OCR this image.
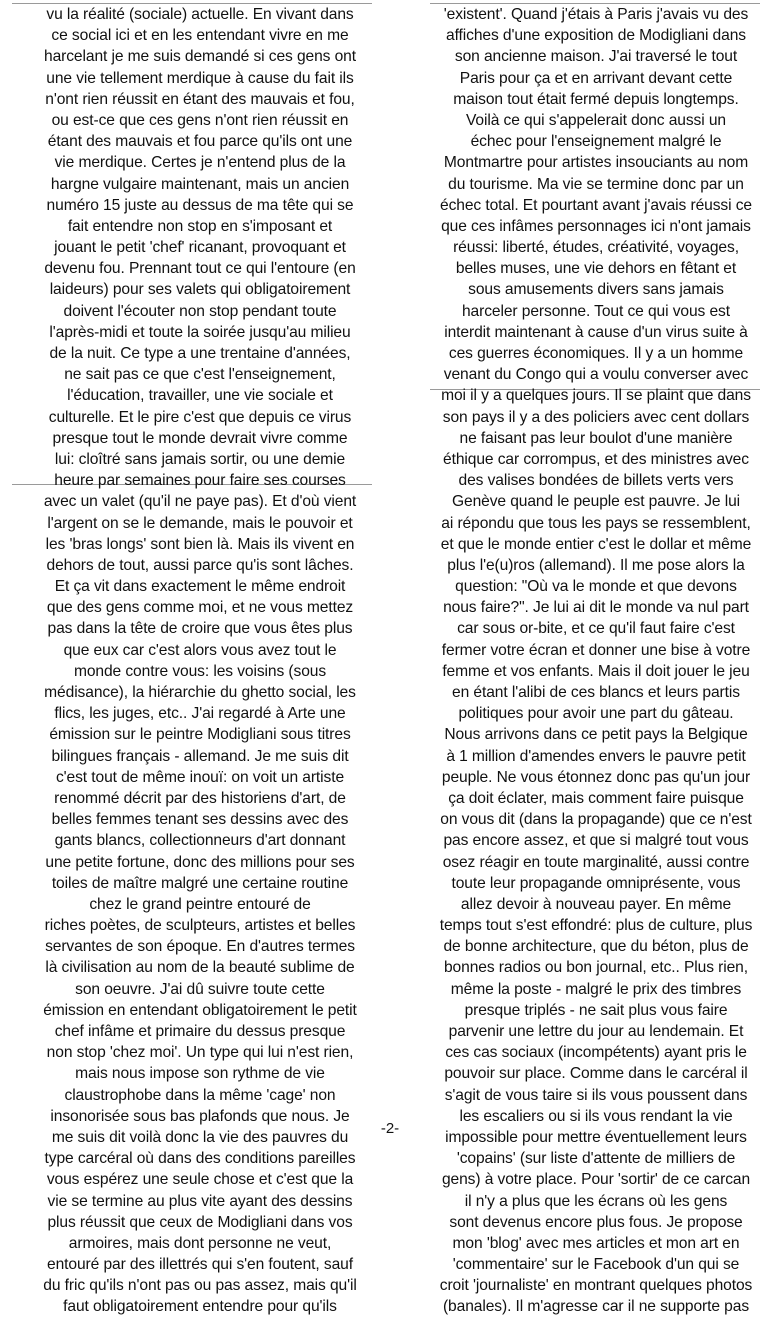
vu la réalité (sociale) actuelle. En vivant dans
ce social ici et en les entendant vivre en me
harcelant je me suis demandé si ces gens ont
une vie tellement merdique à cause du fait ils
n'ont rien réussit en étant des mauvais et fou,
ou est-ce que ces gens n'ont rien réussit en
étant des mauvais et fou parce qu'ils ont une
vie merdique. Certes je n'entend plus de la
hargne vulgaire maintenant, mais un ancien
numéro 15 juste au dessus de ma tête qui se
fait entendre non stop en s'imposant et
jouant le petit 'chef' ricanant, provoquant et
devenu fou. Prennant tout ce qui l'entoure (en
laideurs) pour ses valets qui obligatoirement
doivent l'écouter non stop pendant toute
l'après-midi et toute la soirée jusqu'au milieu
de la nuit. Ce type a une trentaine d'années,
ne sait pas ce que c'est l'enseignement,
l'éducation, travailler, une vie sociale et
culturelle. Et le pire c'est que depuis ce virus
presque tout le monde devrait vivre comme
lui: cloîtré sans jamais sortir, ou une demie
heure par semaines pour faire ses courses
avec un valet (qu'il ne paye pas). Et d'où vient
l'argent on se le demande, mais le pouvoir et
les 'bras longs' sont bien là. Mais ils vivent en
dehors de tout, aussi parce qu'is sont lâches.
Et ça vit dans exactement le même endroit
que des gens comme moi, et ne vous mettez
pas dans la tête de croire que vous êtes plus
que eux car c'est alors vous avez tout le
monde contre vous: les voisins (sous
médisance), la hiérarchie du ghetto social, les
flics, les juges, etc.. J'ai regardé à Arte une
émission sur le peintre Modigliani sous titres
bilingues français - allemand. Je me suis dit
c'est tout de même inouï: on voit un artiste
renommé décrit par des historiens d'art, de
belles femmes tenant ses dessins avec des
gants blancs, collectionneurs d'art donnant
une petite fortune, donc des millions pour ses
toiles de maître malgré une certaine routine
chez le grand peintre entouré de
riches poètes, de sculpteurs, artistes et belles
servantes de son époque. En d'autres termes
là civilisation au nom de la beauté sublime de
son oeuvre. J'ai dû suivre toute cette
émission en entendant obligatoirement le petit
chef infâme et primaire du dessus presque
non stop 'chez moi'. Un type qui lui n'est rien,
mais nous impose son rythme de vie
claustrophobe dans la même 'cage' non
insonorisée sous bas plafonds que nous. Je
me suis dit voilà donc la vie des pauvres du
type carcéral où dans des conditions pareilles
vous espérez une seule chose et c'est que la
vie se termine au plus vite ayant des dessins
plus réussit que ceux de Modigliani dans vos
armoires, mais dont personne ne veut,
entouré par des illettrés qui s'en foutent, sauf
du fric qu'ils n'ont pas ou pas assez, mais qu'il
faut obligatoirement entendre pour qu'ils
'existent'. Quand j'étais à Paris j'avais vu des
affiches d'une exposition de Modigliani dans
son ancienne maison. J'ai traversé le tout
Paris pour ça et en arrivant devant cette
maison tout était fermé depuis longtemps.
Voilà ce qui s'appelerait donc aussi un
échec pour l'enseignement malgré le
Montmartre pour artistes insouciants au nom
du tourisme. Ma vie se termine donc par un
échec total. Et pourtant avant j'avais réussi ce
que ces infâmes personnages ici n'ont jamais
réussi: liberté, études, créativité, voyages,
belles muses, une vie dehors en fêtant et
sous amusements divers sans jamais
harceler personne. Tout ce qui vous est
interdit maintenant à cause d'un virus suite à
ces guerres économiques. Il y a un homme
venant du Congo qui a voulu converser avec
moi il y a quelques jours. Il se plaint que dans
son pays il y a des policiers avec cent dollars
ne faisant pas leur boulot d'une manière
éthique car corrompus, et des ministres avec
des valises bondées de billets verts vers
Genève quand le peuple est pauvre. Je lui
ai répondu que tous les pays se ressemblent,
et que le monde entier c'est le dollar et même
plus l'e(u)ros (allemand). Il me pose alors la
question: "Où va le monde et que devons
nous faire?". Je lui ai dit le monde va nul part
car sous or-bite, et ce qu'il faut faire c'est
fermer votre écran et donner une bise à votre
femme et vos enfants. Mais il doit jouer le jeu
en étant l'alibi de ces blancs et leurs partis
politiques pour avoir une part du gâteau.
Nous arrivons dans ce petit pays la Belgique
à 1 million d'amendes envers le pauvre petit
peuple. Ne vous étonnez donc pas qu'un jour
ça doit éclater, mais comment faire puisque
on vous dit (dans la propagande) que ce n'est
pas encore assez, et que si malgré tout vous
osez réagir en toute marginalité, aussi contre
toute leur propagande omniprésente, vous
allez devoir à nouveau payer. En même
temps tout s'est effondré: plus de culture, plus
de bonne architecture, que du béton, plus de
bonnes radios ou bon journal, etc.. Plus rien,
même la poste - malgré le prix des timbres
presque triplés - ne sait plus vous faire
parvenir une lettre du jour au lendemain. Et
ces cas sociaux (incompétents) ayant pris le
pouvoir sur place. Comme dans le carcéral il
s'agit de vous taire si ils vous poussent dans
les escaliers ou si ils vous rendant la vie
impossible pour mettre éventuellement leurs
'copains' (sur liste d'attente de milliers de
gens) à votre place. Pour 'sortir' de ce carcan
il n'y a plus que les écrans où les gens
sont devenus encore plus fous. Je propose
mon 'blog' avec mes articles et mon art en
'commentaire' sur le Facebook d'un qui se
croit 'journaliste' en montrant quelques photos
(banales). Il m'agresse car il ne supporte pas
-2-
